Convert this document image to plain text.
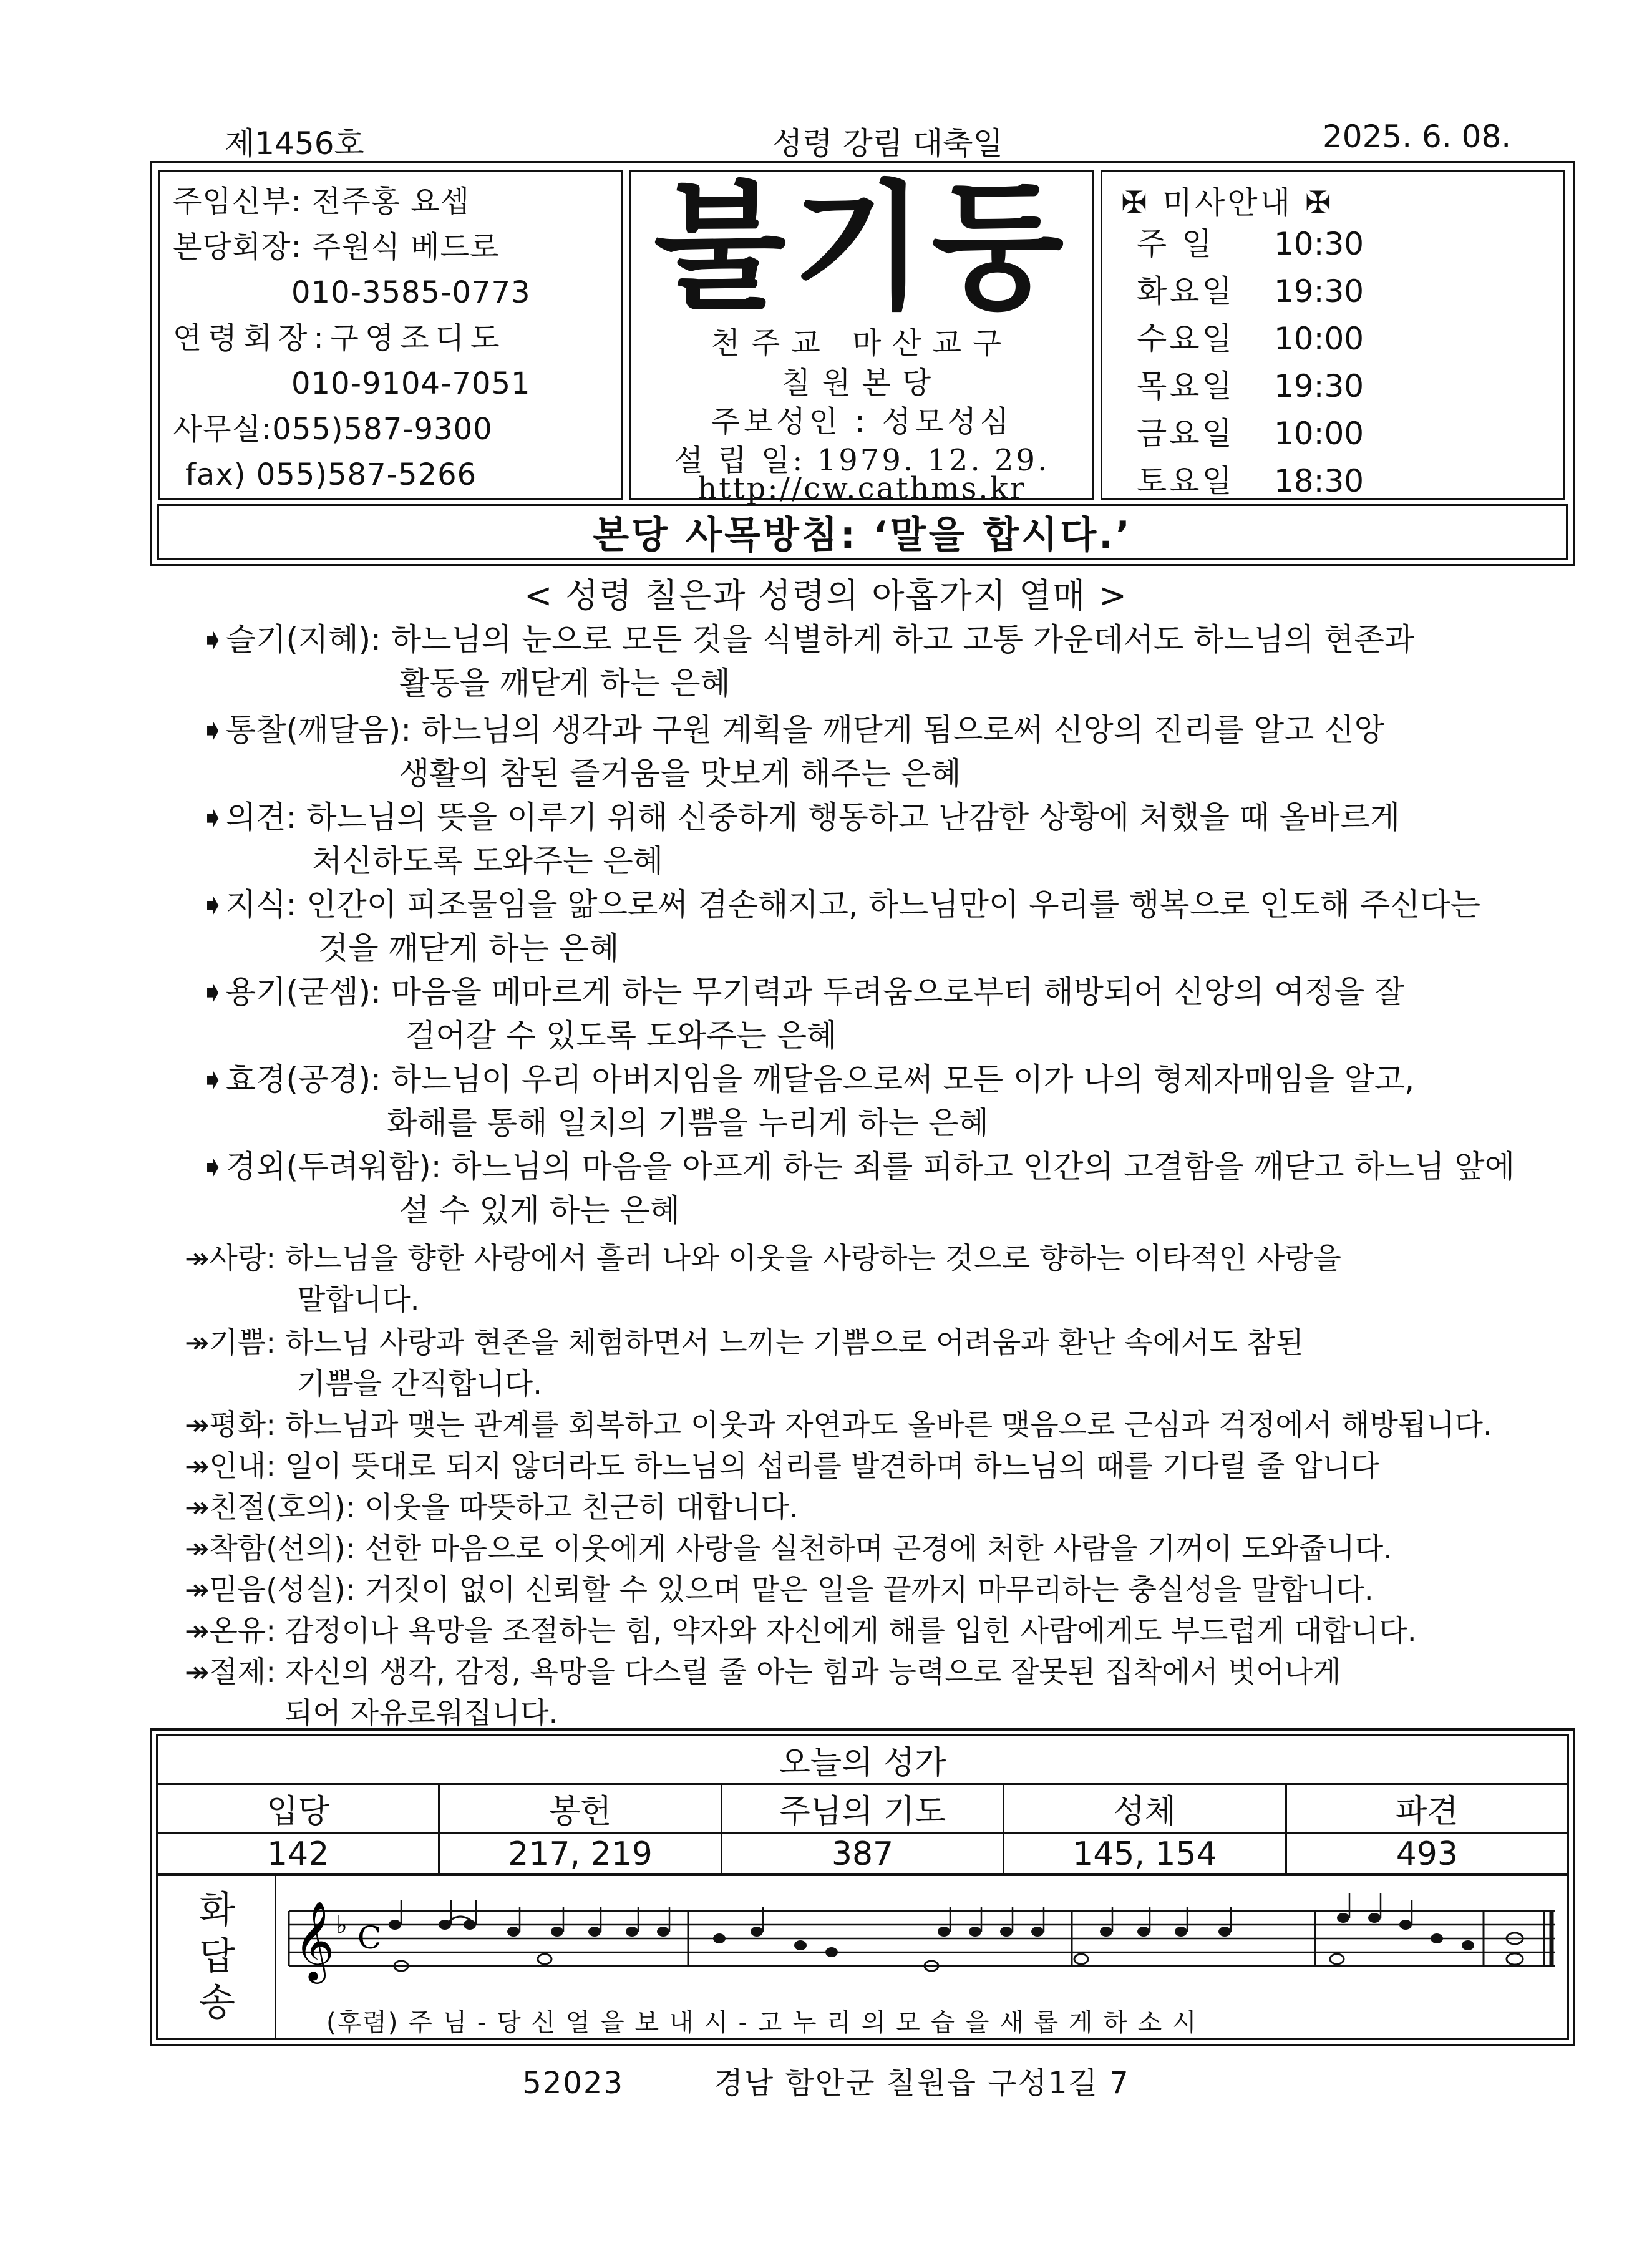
제1456호	성령 강림 대축일	2025. 6. 08.
주임신부: 전주홍 요셉
본당회장: 주원식 베드로
010-3585-0773
연령회장:구영조디도
010-9104-7051
사무실:055)587-9300
fax) 055)587-5266
불기둥
천주교 마산교구
칠원본당
주보성인 : 성모성심
설 립 일: 1979. 12. 29.
http://cw.cathms.kr
✠ 미사안내 ✠
주 일	10:30
화요일	19:30
수요일	10:00
목요일	19:30
금요일	10:00
토요일	18:30
본당 사목방침: ‘말을 합시다.’
< 성령 칠은과 성령의 아홉가지 열매 >
➧슬기(지혜): 하느님의 눈으로 모든 것을 식별하게 하고 고통 가운데서도 하느님의 현존과
활동을 깨닫게 하는 은혜
➧통찰(깨달음): 하느님의 생각과 구원 계획을 깨닫게 됨으로써 신앙의 진리를 알고 신앙
생활의 참된 즐거움을 맛보게 해주는 은혜
➧의견: 하느님의 뜻을 이루기 위해 신중하게 행동하고 난감한 상황에 처했을 때 올바르게
처신하도록 도와주는 은혜
➧지식: 인간이 피조물임을 앎으로써 겸손해지고, 하느님만이 우리를 행복으로 인도해 주신다는
것을 깨닫게 하는 은혜
➧용기(굳셈): 마음을 메마르게 하는 무기력과 두려움으로부터 해방되어 신앙의 여정을 잘
걸어갈 수 있도록 도와주는 은혜
➧효경(공경): 하느님이 우리 아버지임을 깨달음으로써 모든 이가 나의 형제자매임을 알고,
화해를 통해 일치의 기쁨을 누리게 하는 은혜
➧경외(두려워함): 하느님의 마음을 아프게 하는 죄를 피하고 인간의 고결함을 깨닫고 하느님 앞에
설 수 있게 하는 은혜
↠사랑: 하느님을 향한 사랑에서 흘러 나와 이웃을 사랑하는 것으로 향하는 이타적인 사랑을
말합니다.
↠기쁨: 하느님 사랑과 현존을 체험하면서 느끼는 기쁨으로 어려움과 환난 속에서도 참된
기쁨을 간직합니다.
↠평화: 하느님과 맺는 관계를 회복하고 이웃과 자연과도 올바른 맺음으로 근심과 걱정에서 해방됩니다.
↠인내: 일이 뜻대로 되지 않더라도 하느님의 섭리를 발견하며 하느님의 때를 기다릴 줄 압니다
↠친절(호의): 이웃을 따뜻하고 친근히 대합니다.
↠착함(선의): 선한 마음으로 이웃에게 사랑을 실천하며 곤경에 처한 사람을 기꺼이 도와줍니다.
↠믿음(성실): 거짓이 없이 신뢰할 수 있으며 맡은 일을 끝까지 마무리하는 충실성을 말합니다.
↠온유: 감정이나 욕망을 조절하는 힘, 약자와 자신에게 해를 입힌 사람에게도 부드럽게 대합니다.
↠절제: 자신의 생각, 감정, 욕망을 다스릴 줄 아는 힘과 능력으로 잘못된 집착에서 벗어나게
되어 자유로워집니다.
오늘의 성가				
입당	봉헌	주님의 기도	성체	파견
142	217, 219	387	145, 154	493
화답송
𝄞 ♭ C
(후렴) 주 님 - 당 신 얼 을 보 내 시 - 고 누 리 의 모 습 을 새 롭 게 하 소 시
52023	경남 함안군 칠원읍 구성1길 7
